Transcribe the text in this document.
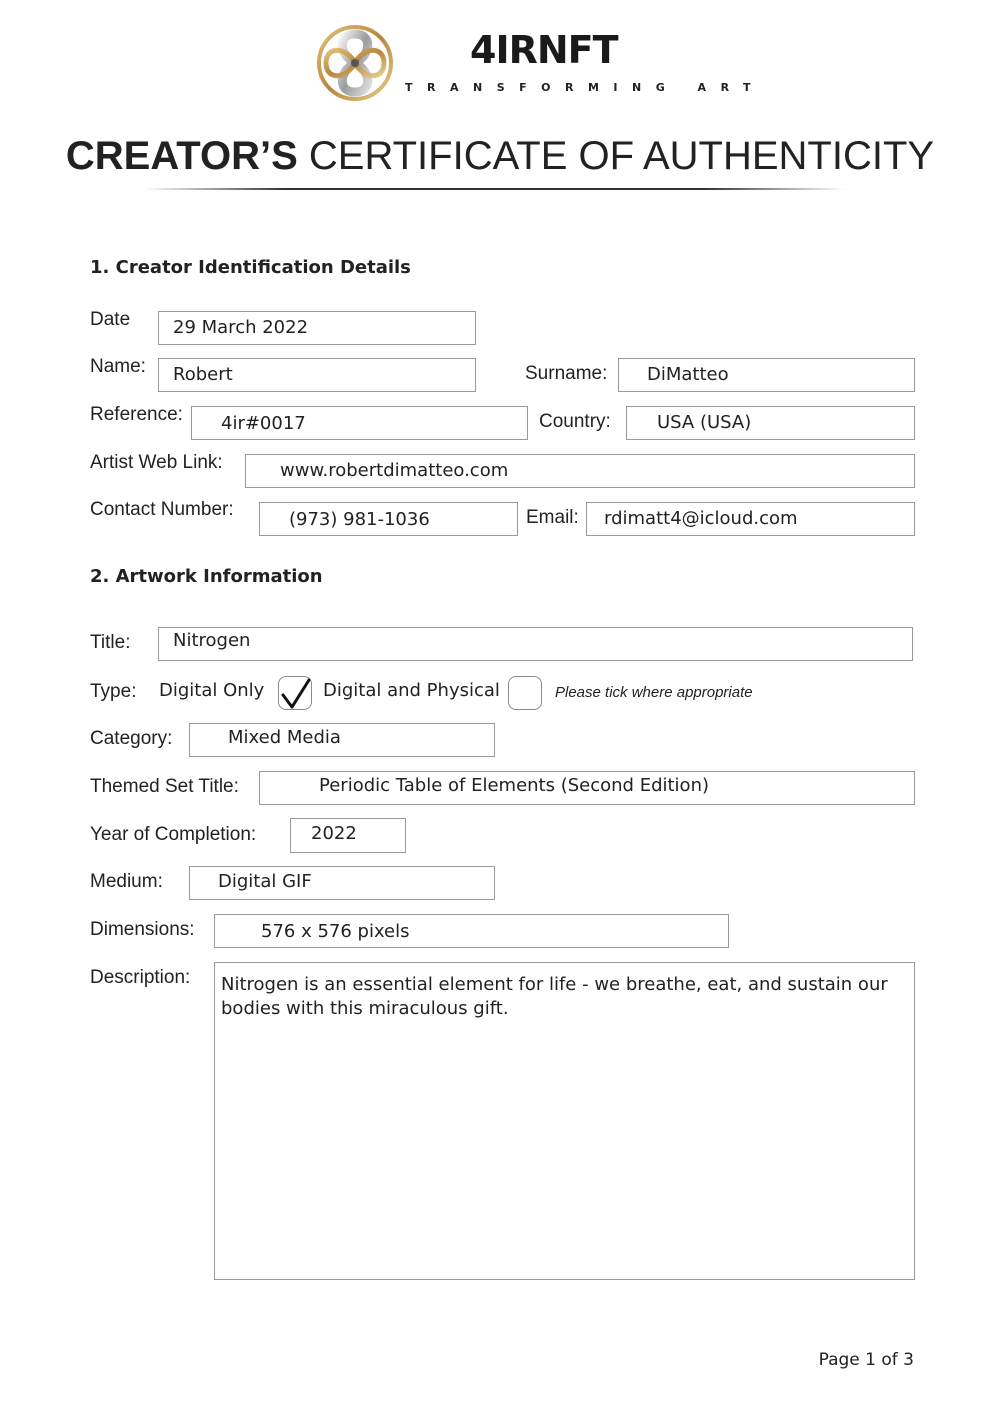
4IRNFT
TRANSFORMING ART
CREATOR’S CERTIFICATE OF AUTHENTICITY
1. Creator Identification Details
Date	29 March 2022
Name:	Robert	Surname:	DiMatteo
Reference:	4ir#0017	Country:	USA (USA)
Artist Web Link:	www.robertdimatteo.com
Contact Number:	(973) 981-1036	Email:	rdimatt4@icloud.com
2. Artwork Information
Title:	Nitrogen
Type: Digital Only	Digital and Physical	Please tick where appropriate
Category:	Mixed Media
Themed Set Title:	Periodic Table of Elements (Second Edition)
Year of Completion:	2022
Medium:	Digital GIF
Dimensions:	576 x 576 pixels
Description:	Nitrogen is an essential element for life - we breathe, eat, and sustain our bodies with this miraculous gift.
Page 1 of 3
